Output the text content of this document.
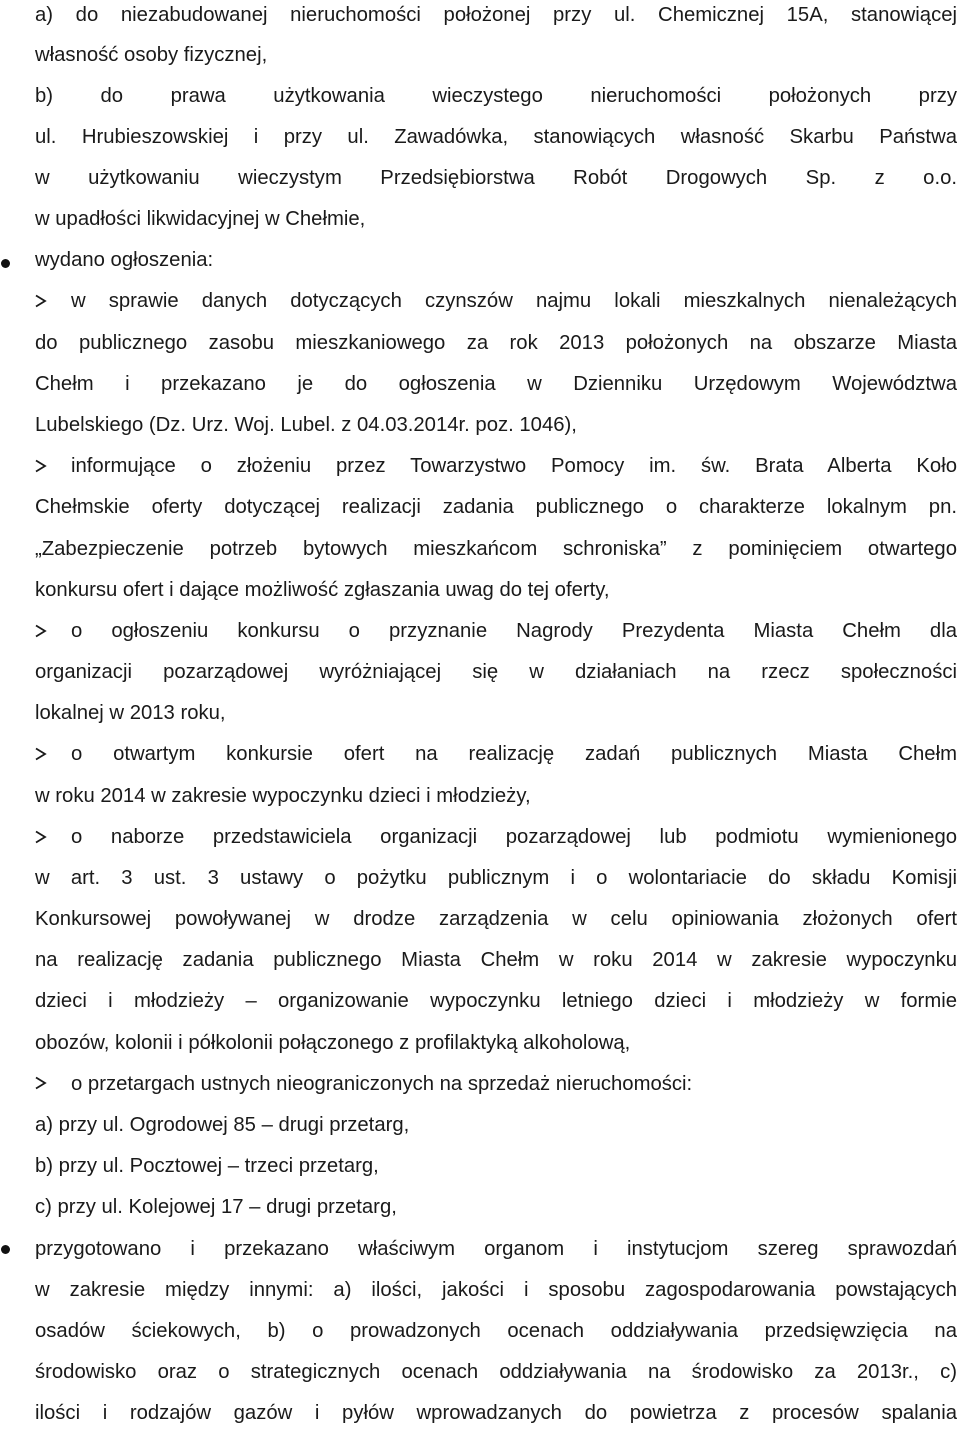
a) do niezabudowanej nieruchomości położonej przy ul. Chemicznej 15A, stanowiącej
własność osoby fizycznej,
b) do prawa użytkowania wieczystego nieruchomości położonych przy
ul. Hrubieszowskiej i przy ul. Zawadówka, stanowiących własność Skarbu Państwa
w użytkowaniu wieczystym Przedsiębiorstwa Robót Drogowych Sp. z o.o.
w upadłości likwidacyjnej w Chełmie,
wydano ogłoszenia:
w sprawie danych dotyczących czynszów najmu lokali mieszkalnych nienależących
do publicznego zasobu mieszkaniowego za rok 2013 położonych na obszarze Miasta
Chełm i przekazano je do ogłoszenia w Dzienniku Urzędowym Województwa
Lubelskiego (Dz. Urz. Woj. Lubel. z 04.03.2014r. poz. 1046),
informujące o złożeniu przez Towarzystwo Pomocy im. św. Brata Alberta Koło
Chełmskie oferty dotyczącej realizacji zadania publicznego o charakterze lokalnym pn.
„Zabezpieczenie potrzeb bytowych mieszkańcom schroniska” z pominięciem otwartego
konkursu ofert i dające możliwość zgłaszania uwag do tej oferty,
o ogłoszeniu konkursu o przyznanie Nagrody Prezydenta Miasta Chełm dla
organizacji pozarządowej wyróżniającej się w działaniach na rzecz społeczności
lokalnej w 2013 roku,
o otwartym konkursie ofert na realizację zadań publicznych Miasta Chełm
w roku 2014 w zakresie wypoczynku dzieci i młodzieży,
o naborze przedstawiciela organizacji pozarządowej lub podmiotu wymienionego
w art. 3 ust. 3 ustawy o pożytku publicznym i o wolontariacie do składu Komisji
Konkursowej powoływanej w drodze zarządzenia w celu opiniowania złożonych ofert
na realizację zadania publicznego Miasta Chełm w roku 2014 w zakresie wypoczynku
dzieci i młodzieży – organizowanie wypoczynku letniego dzieci i młodzieży w formie
obozów, kolonii i półkolonii połączonego z profilaktyką alkoholową,
o przetargach ustnych nieograniczonych na sprzedaż nieruchomości:
a) przy ul. Ogrodowej 85 – drugi przetarg,
b) przy ul. Pocztowej – trzeci przetarg,
c) przy ul. Kolejowej 17 – drugi przetarg,
przygotowano i przekazano właściwym organom i instytucjom szereg sprawozdań
w zakresie między innymi: a) ilości, jakości i sposobu zagospodarowania powstających
osadów ściekowych, b) o prowadzonych ocenach oddziaływania przedsięwzięcia na
środowisko oraz o strategicznych ocenach oddziaływania na środowisko za 2013r., c)
ilości i rodzajów gazów i pyłów wprowadzanych do powietrza z procesów spalania
